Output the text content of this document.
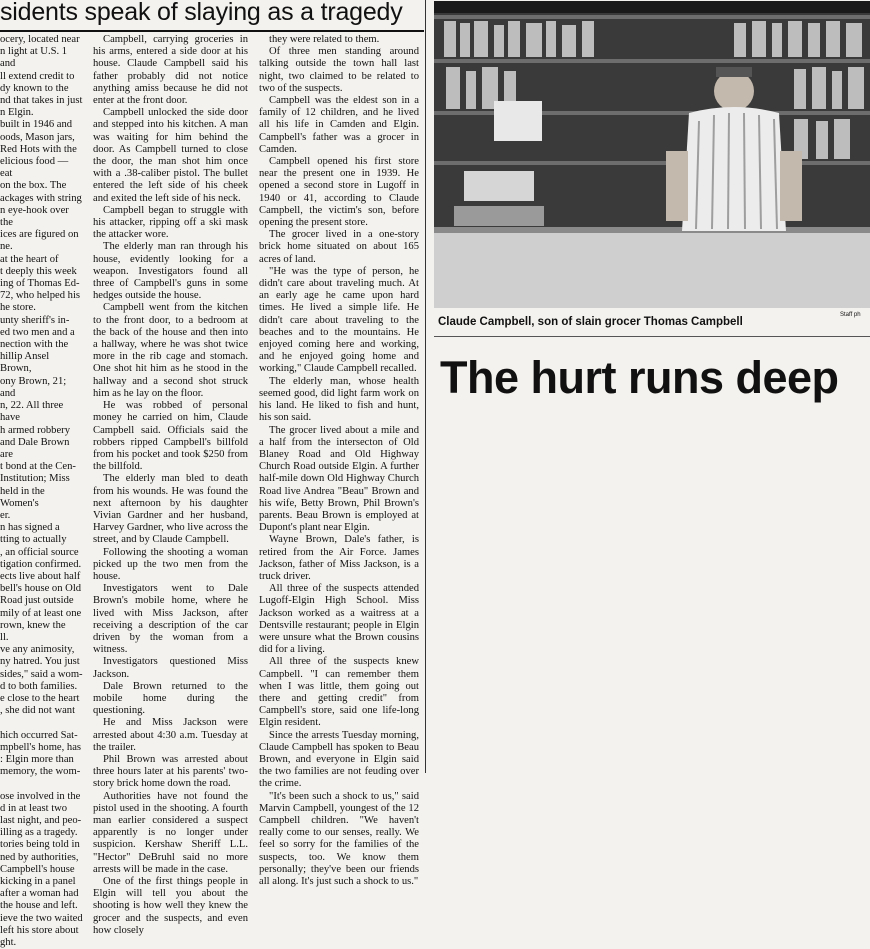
sidents speak of slaying as a tragedy

ocery, located near

n light at U.S. 1 and

ll extend credit to

dy known to the

nd that takes in just

n Elgin.

built in 1946 and

oods, Mason jars,

Red Hots with the

elicious food — eat

on the box. The

ackages with string

n eye-hook over the

ices are figured on

ne.

at the heart of

t deeply this week

ing of Thomas Ed-

72, who helped his

he store.

unty sheriff's in-

ed two men and a

nection with the

hillip Ansel Brown,

ony Brown, 21; and

n, 22. All three have

h armed robbery

and Dale Brown are

t bond at the Cen-

Institution; Miss

held in the Women's

er.

n has signed a

tting to actually

, an official source

tigation confirmed.

ects live about half

bell's house on Old

Road just outside

mily of at least one

rown, knew the

ll.

ve any animosity,

ny hatred. You just

sides," said a wom-

d to both families.

e close to the heart

, she did not want

hich occurred Sat-

mpbell's home, has

: Elgin more than

memory, the wom-

ose involved in the

d in at least two

last night, and peo-

illing as a tragedy.

tories being told in

ned by authorities,

Campbell's house

kicking in a panel

after a woman had

the house and left.

ieve the two waited

left his store about

ght.

Campbell, carrying groceries in his arms, entered a side door at his house. Claude Campbell said his father probably did not notice anything amiss because he did not enter at the front door.

Campbell unlocked the side door and stepped into his kitchen. A man was waiting for him behind the door. As Campbell turned to close the door, the man shot him once with a .38-caliber pistol. The bullet entered the left side of his cheek and exited the left side of his neck.

Campbell began to struggle with his attacker, ripping off a ski mask the attacker wore.

The elderly man ran through his house, evidently looking for a weapon. Investigators found all three of Campbell's guns in some hedges outside the house.

Campbell went from the kitchen to the front door, to a bedroom at the back of the house and then into a hallway, where he was shot twice more in the rib cage and stomach. One shot hit him as he stood in the hallway and a second shot struck him as he lay on the floor.

He was robbed of personal money he carried on him, Claude Campbell said. Officials said the robbers ripped Campbell's billfold from his pocket and took $250 from the billfold.

The elderly man bled to death from his wounds. He was found the next afternoon by his daughter Vivian Gardner and her husband, Harvey Gardner, who live across the street, and by Claude Campbell.

Following the shooting a woman picked up the two men from the house.

Investigators went to Dale Brown's mobile home, where he lived with Miss Jackson, after receiving a description of the car driven by the woman from a witness.

Investigators questioned Miss Jackson.

Dale Brown returned to the mobile home during the questioning.

He and Miss Jackson were arrested about 4:30 a.m. Tuesday at the trailer.

Phil Brown was arrested about three hours later at his parents' two-story brick home down the road.

Authorities have not found the pistol used in the shooting. A fourth man earlier considered a suspect apparently is no longer under suspicion. Kershaw Sheriff L.L. "Hector" DeBruhl said no more arrests will be made in the case.

One of the first things people in Elgin will tell you about the shooting is how well they knew the grocer and the suspects, and even how closely

they were related to them.

Of three men standing around talking outside the town hall last night, two claimed to be related to two of the suspects.

Campbell was the eldest son in a family of 12 children, and he lived all his life in Camden and Elgin. Campbell's father was a grocer in Camden.

Campbell opened his first store near the present one in 1939. He opened a second store in Lugoff in 1940 or 41, according to Claude Campbell, the victim's son, before opening the present store.

The grocer lived in a one-story brick home situated on about 165 acres of land.

"He was the type of person, he didn't care about traveling much. At an early age he came upon hard times. He lived a simple life. He didn't care about traveling to the beaches and to the mountains. He enjoyed coming here and working, and he enjoyed going home and working," Claude Campbell recalled.

The elderly man, whose health seemed good, did light farm work on his land. He liked to fish and hunt, his son said.

The grocer lived about a mile and a half from the intersecton of Old Blaney Road and Old Highway Church Road outside Elgin. A further half-mile down Old Highway Church Road live Andrea "Beau" Brown and his wife, Betty Brown, Phil Brown's parents. Beau Brown is employed at Dupont's plant near Elgin.

Wayne Brown, Dale's father, is retired from the Air Force. James Jackson, father of Miss Jackson, is a truck driver.

All three of the suspects attended Lugoff-Elgin High School. Miss Jackson worked as a waitress at a Dentsville restaurant; people in Elgin were unsure what the Brown cousins did for a living.

All three of the suspects knew Campbell. "I can remember them when I was little, them going out there and getting credit" from Campbell's store, said one life-long Elgin resident.

Since the arrests Tuesday morning, Claude Campbell has spoken to Beau Brown, and everyone in Elgin said the two families are not feuding over the crime.

"It's been such a shock to us," said Marvin Campbell, youngest of the 12 Campbell children. "We haven't really come to our senses, really. We feel so sorry for the families of the suspects, too. We know them personally; they've been our friends all along. It's just such a shock to us."

Claude Campbell, son of slain grocer Thomas Campbell
Staff ph
The hurt runs deep
